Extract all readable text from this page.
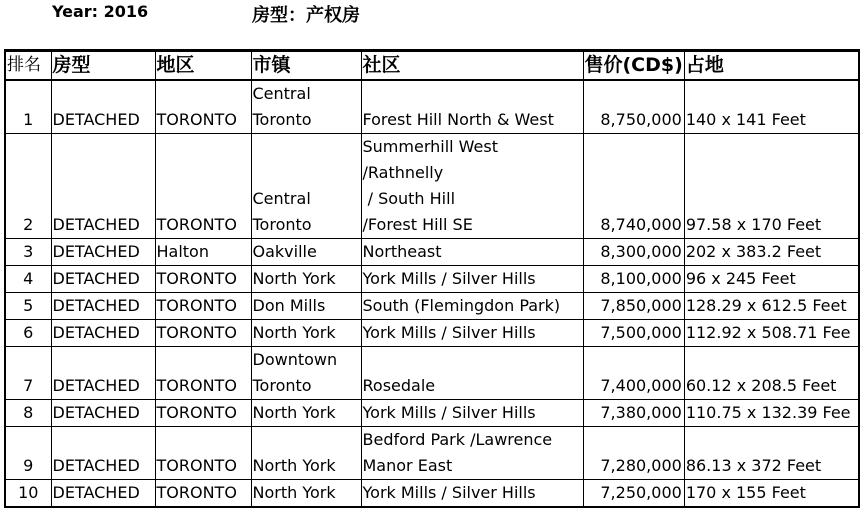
Year: 2016	房型：产权房
排名	房型	地区	市镇	社区	售价(CD$)	占地

1	DETACHED	TORONTO	Central
Toronto	Forest Hill North & West	8,750,000	140 x 141 Feet

2	DETACHED	TORONTO	Central
Toronto	Summerhill West
/Rathnelly
/ South Hill
/Forest Hill SE	8,740,000	97.58 x 170 Feet

3	DETACHED	Halton	Oakville	Northeast	8,300,000	202 x 383.2 Feet

4	DETACHED	TORONTO	North York	York Mills / Silver Hills	8,100,000	96 x 245 Feet

5	DETACHED	TORONTO	Don Mills	South (Flemingdon Park)	7,850,000	128.29 x 612.5 Feet

6	DETACHED	TORONTO	North York	York Mills / Silver Hills	7,500,000	112.92 x 508.71 Fee

7	DETACHED	TORONTO	Downtown
Toronto	Rosedale	7,400,000	60.12 x 208.5 Feet

8	DETACHED	TORONTO	North York	York Mills / Silver Hills	7,380,000	110.75 x 132.39 Fee

9	DETACHED	TORONTO	North York	Bedford Park /Lawrence
Manor East	7,280,000	86.13 x 372 Feet

10	DETACHED	TORONTO	North York	York Mills / Silver Hills	7,250,000	170 x 155 Feet
